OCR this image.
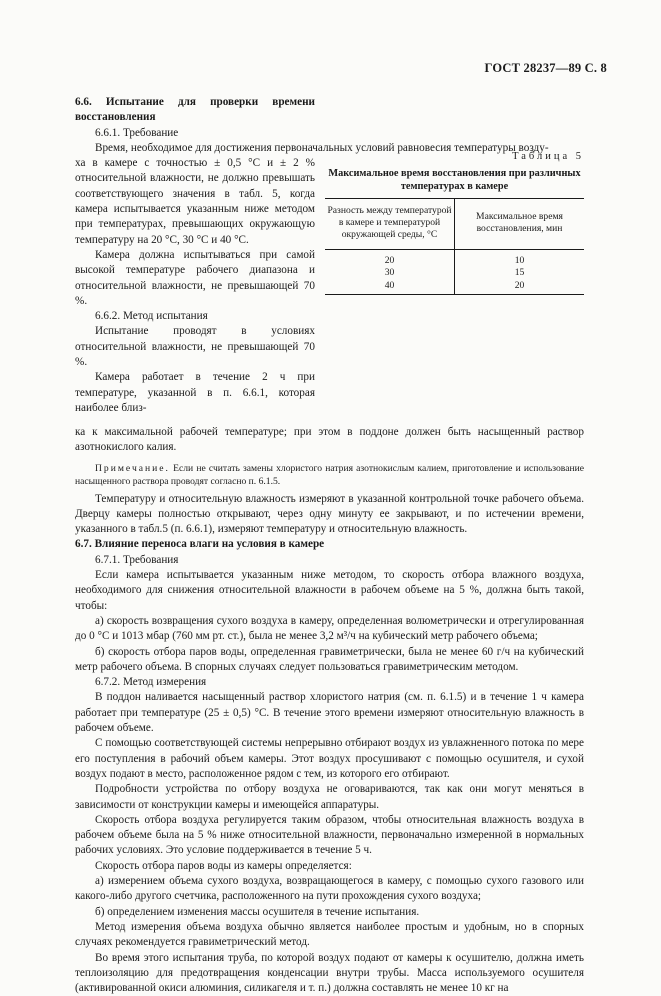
ГОСТ 28237—89 С. 8

6.6. Испытание для проверки времени восстановления

6.6.1. Требование

Время, необходимое для достижения первоначальных условий равновесия температуры возду-

ха в камере с точностью ± 0,5 °С и ± 2 % относительной влажности, не должно превышать соответствующего значения в табл. 5, когда камера испытывается указанным ниже методом при температурах, превышающих окружающую температуру на 20 °С, 30 °С и 40 °С.

Камера должна испытываться при самой высокой температуре рабочего диапазона и относительной влажности, не превышающей 70 %.

6.6.2. Метод испытания

Испытание проводят в условиях относительной влажности, не превышающей 70 %.

Камера работает в течение 2 ч при температуре, указанной в п. 6.6.1, которая наиболее близ-

Таблица 5
Максимальное время восстановления при различных температурах в камере
Разность между температурой в камере и температурой окружающей среды, °С	Максимальное время восстановления, мин
20	10
30	15
40	20

ка к максимальной рабочей температуре; при этом в поддоне должен быть насыщенный раствор азотнокислого калия.

Примечание. Если не считать замены хлористого натрия азотнокислым калием, приготовление и использование насыщенного раствора проводят согласно п. 6.1.5.

Температуру и относительную влажность измеряют в указанной контрольной точке рабочего объема. Дверцу камеры полностью открывают, через одну минуту ее закрывают, и по истечении времени, указанного в табл.5 (п. 6.6.1), измеряют температуру и относительную влажность.

6.7. Влияние переноса влаги на условия в камере

6.7.1. Требования

Если камера испытывается указанным ниже методом, то скорость отбора влажного воздуха, необходимого для снижения относительной влажности в рабочем объеме на 5 %, должна быть такой, чтобы:

а) скорость возвращения сухого воздуха в камеру, определенная волюметрически и отрегулированная до 0 °С и 1013 мбар (760 мм рт. ст.), была не менее 3,2 м³/ч на кубический метр рабочего объема;

б) скорость отбора паров воды, определенная гравиметрически, была не менее 60 г/ч на кубический метр рабочего объема. В спорных случаях следует пользоваться гравиметрическим методом.

6.7.2. Метод измерения

В поддон наливается насыщенный раствор хлористого натрия (см. п. 6.1.5) и в течение 1 ч камера работает при температуре (25 ± 0,5) °С. В течение этого времени измеряют относительную влажность в рабочем объеме.

С помощью соответствующей системы непрерывно отбирают воздух из увлажненного потока по мере его поступления в рабочий объем камеры. Этот воздух просушивают с помощью осушителя, и сухой воздух подают в место, расположенное рядом с тем, из которого его отбирают.

Подробности устройства по отбору воздуха не оговариваются, так как они могут меняться в зависимости от конструкции камеры и имеющейся аппаратуры.

Скорость отбора воздуха регулируется таким образом, чтобы относительная влажность воздуха в рабочем объеме была на 5 % ниже относительной влажности, первоначально измеренной в нормальных рабочих условиях. Это условие поддерживается в течение 5 ч.

Скорость отбора паров воды из камеры определяется:

а) измерением объема сухого воздуха, возвращающегося в камеру, с помощью сухого газового или какого-либо другого счетчика, расположенного на пути прохождения сухого воздуха;

б) определением изменения массы осушителя в течение испытания.

Метод измерения объема воздуха обычно является наиболее простым и удобным, но в спорных случаях рекомендуется гравиметрический метод.

Во время этого испытания труба, по которой воздух подают от камеры к осушителю, должна иметь теплоизоляцию для предотвращения конденсации внутри трубы. Масса используемого осушителя (активированной окиси алюминия, силикагеля и т. п.) должна составлять не менее 10 кг на
